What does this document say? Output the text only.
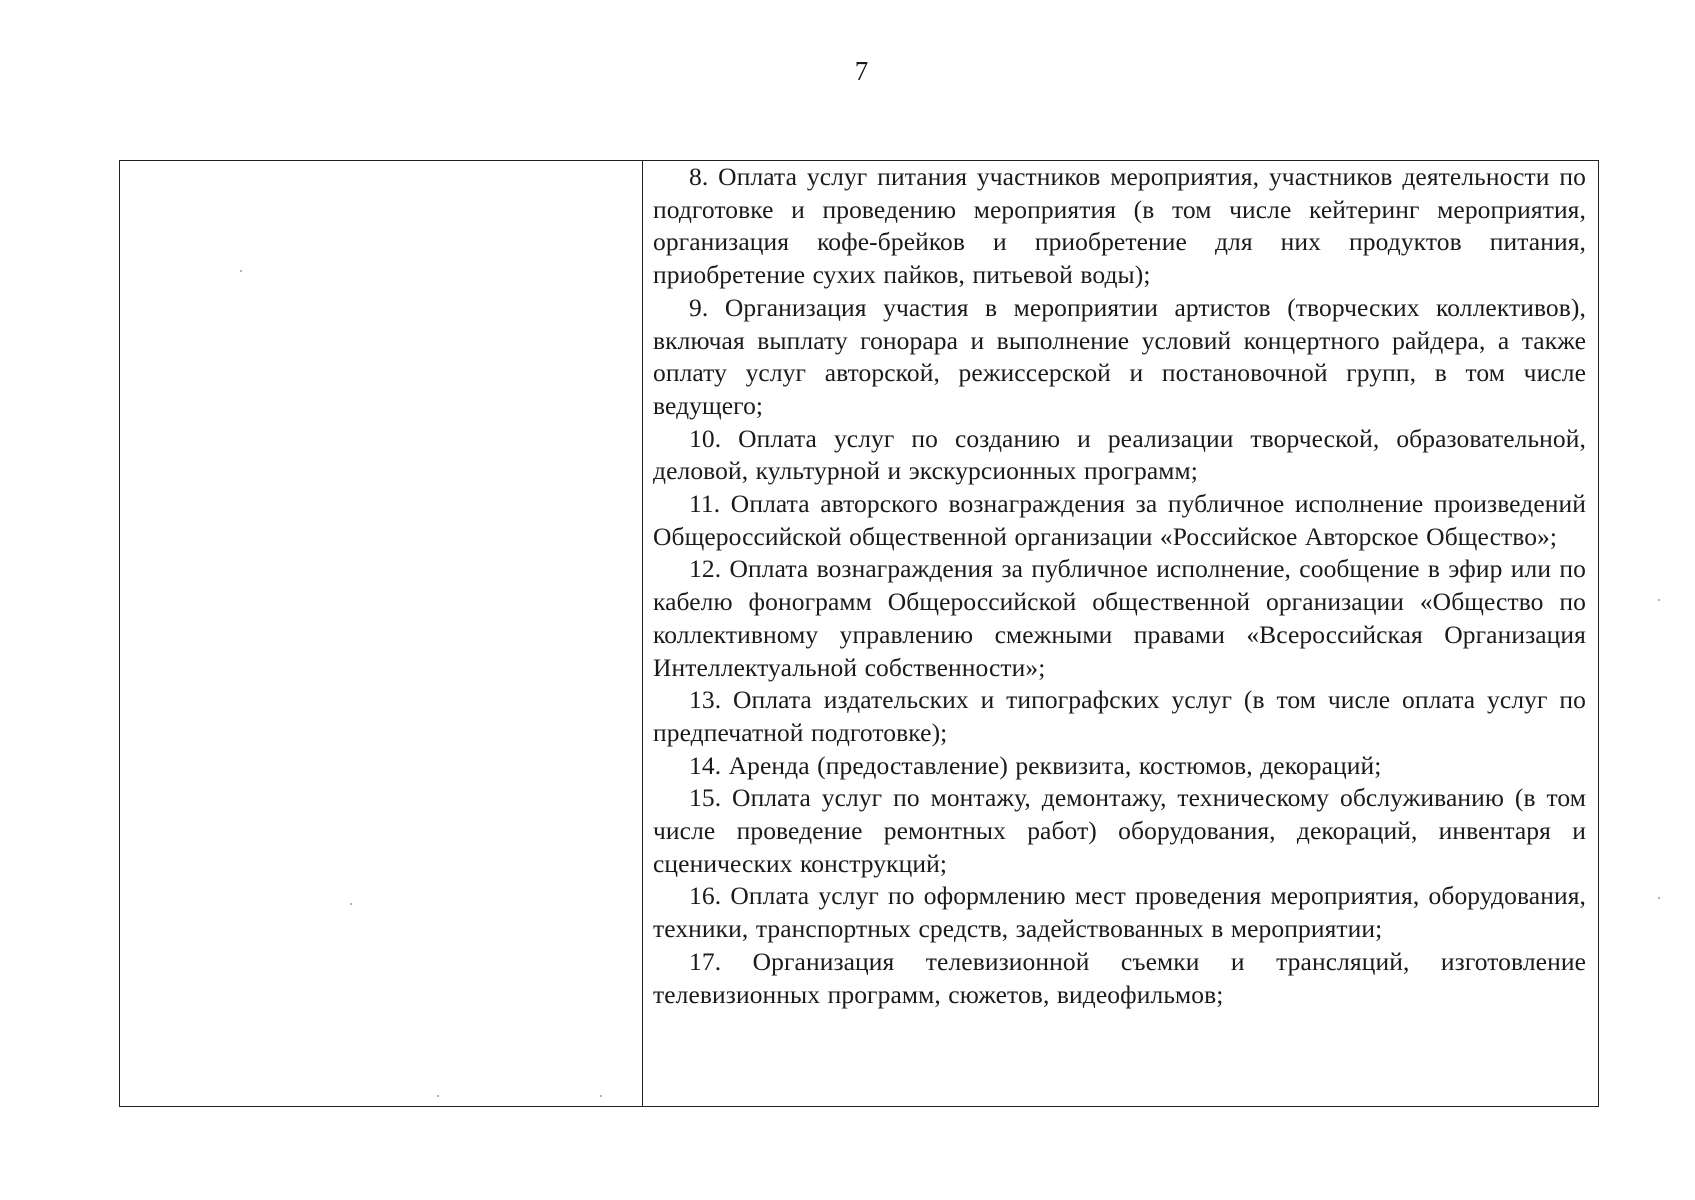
7

8. Оплата услуг питания участников мероприятия, участников деятельности по подготовке и проведению мероприятия (в том числе кейтеринг мероприятия, организация кофе-брейков и приобретение для них продуктов питания, приобретение сухих пайков, питьевой воды);

9. Организация участия в мероприятии артистов (творческих коллективов), включая выплату гонорара и выполнение условий концертного райдера, а также оплату услуг авторской, режиссерской и постановочной групп, в том числе ведущего;

10. Оплата услуг по созданию и реализации творческой, образовательной, деловой, культурной и экскурсионных программ;

11. Оплата авторского вознаграждения за публичное исполнение произведений Общероссийской общественной организации «Российское Авторское Общество»;

12. Оплата вознаграждения за публичное исполнение, сообщение в эфир или по кабелю фонограмм Общероссийской общественной организации «Общество по коллективному управлению смежными правами «Всероссийская Организация Интеллектуальной собственности»;

13. Оплата издательских и типографских услуг (в том числе оплата услуг по предпечатной подготовке);

14. Аренда (предоставление) реквизита, костюмов, декораций;

15. Оплата услуг по монтажу, демонтажу, техническому обслуживанию (в том числе проведение ремонтных работ) оборудования, декораций, инвентаря и сценических конструкций;

16. Оплата услуг по оформлению мест проведения мероприятия, оборудования, техники, транспортных средств, задействованных в мероприятии;

17. Организация телевизионной съемки и трансляций, изготовление телевизионных программ, сюжетов, видеофильмов;
